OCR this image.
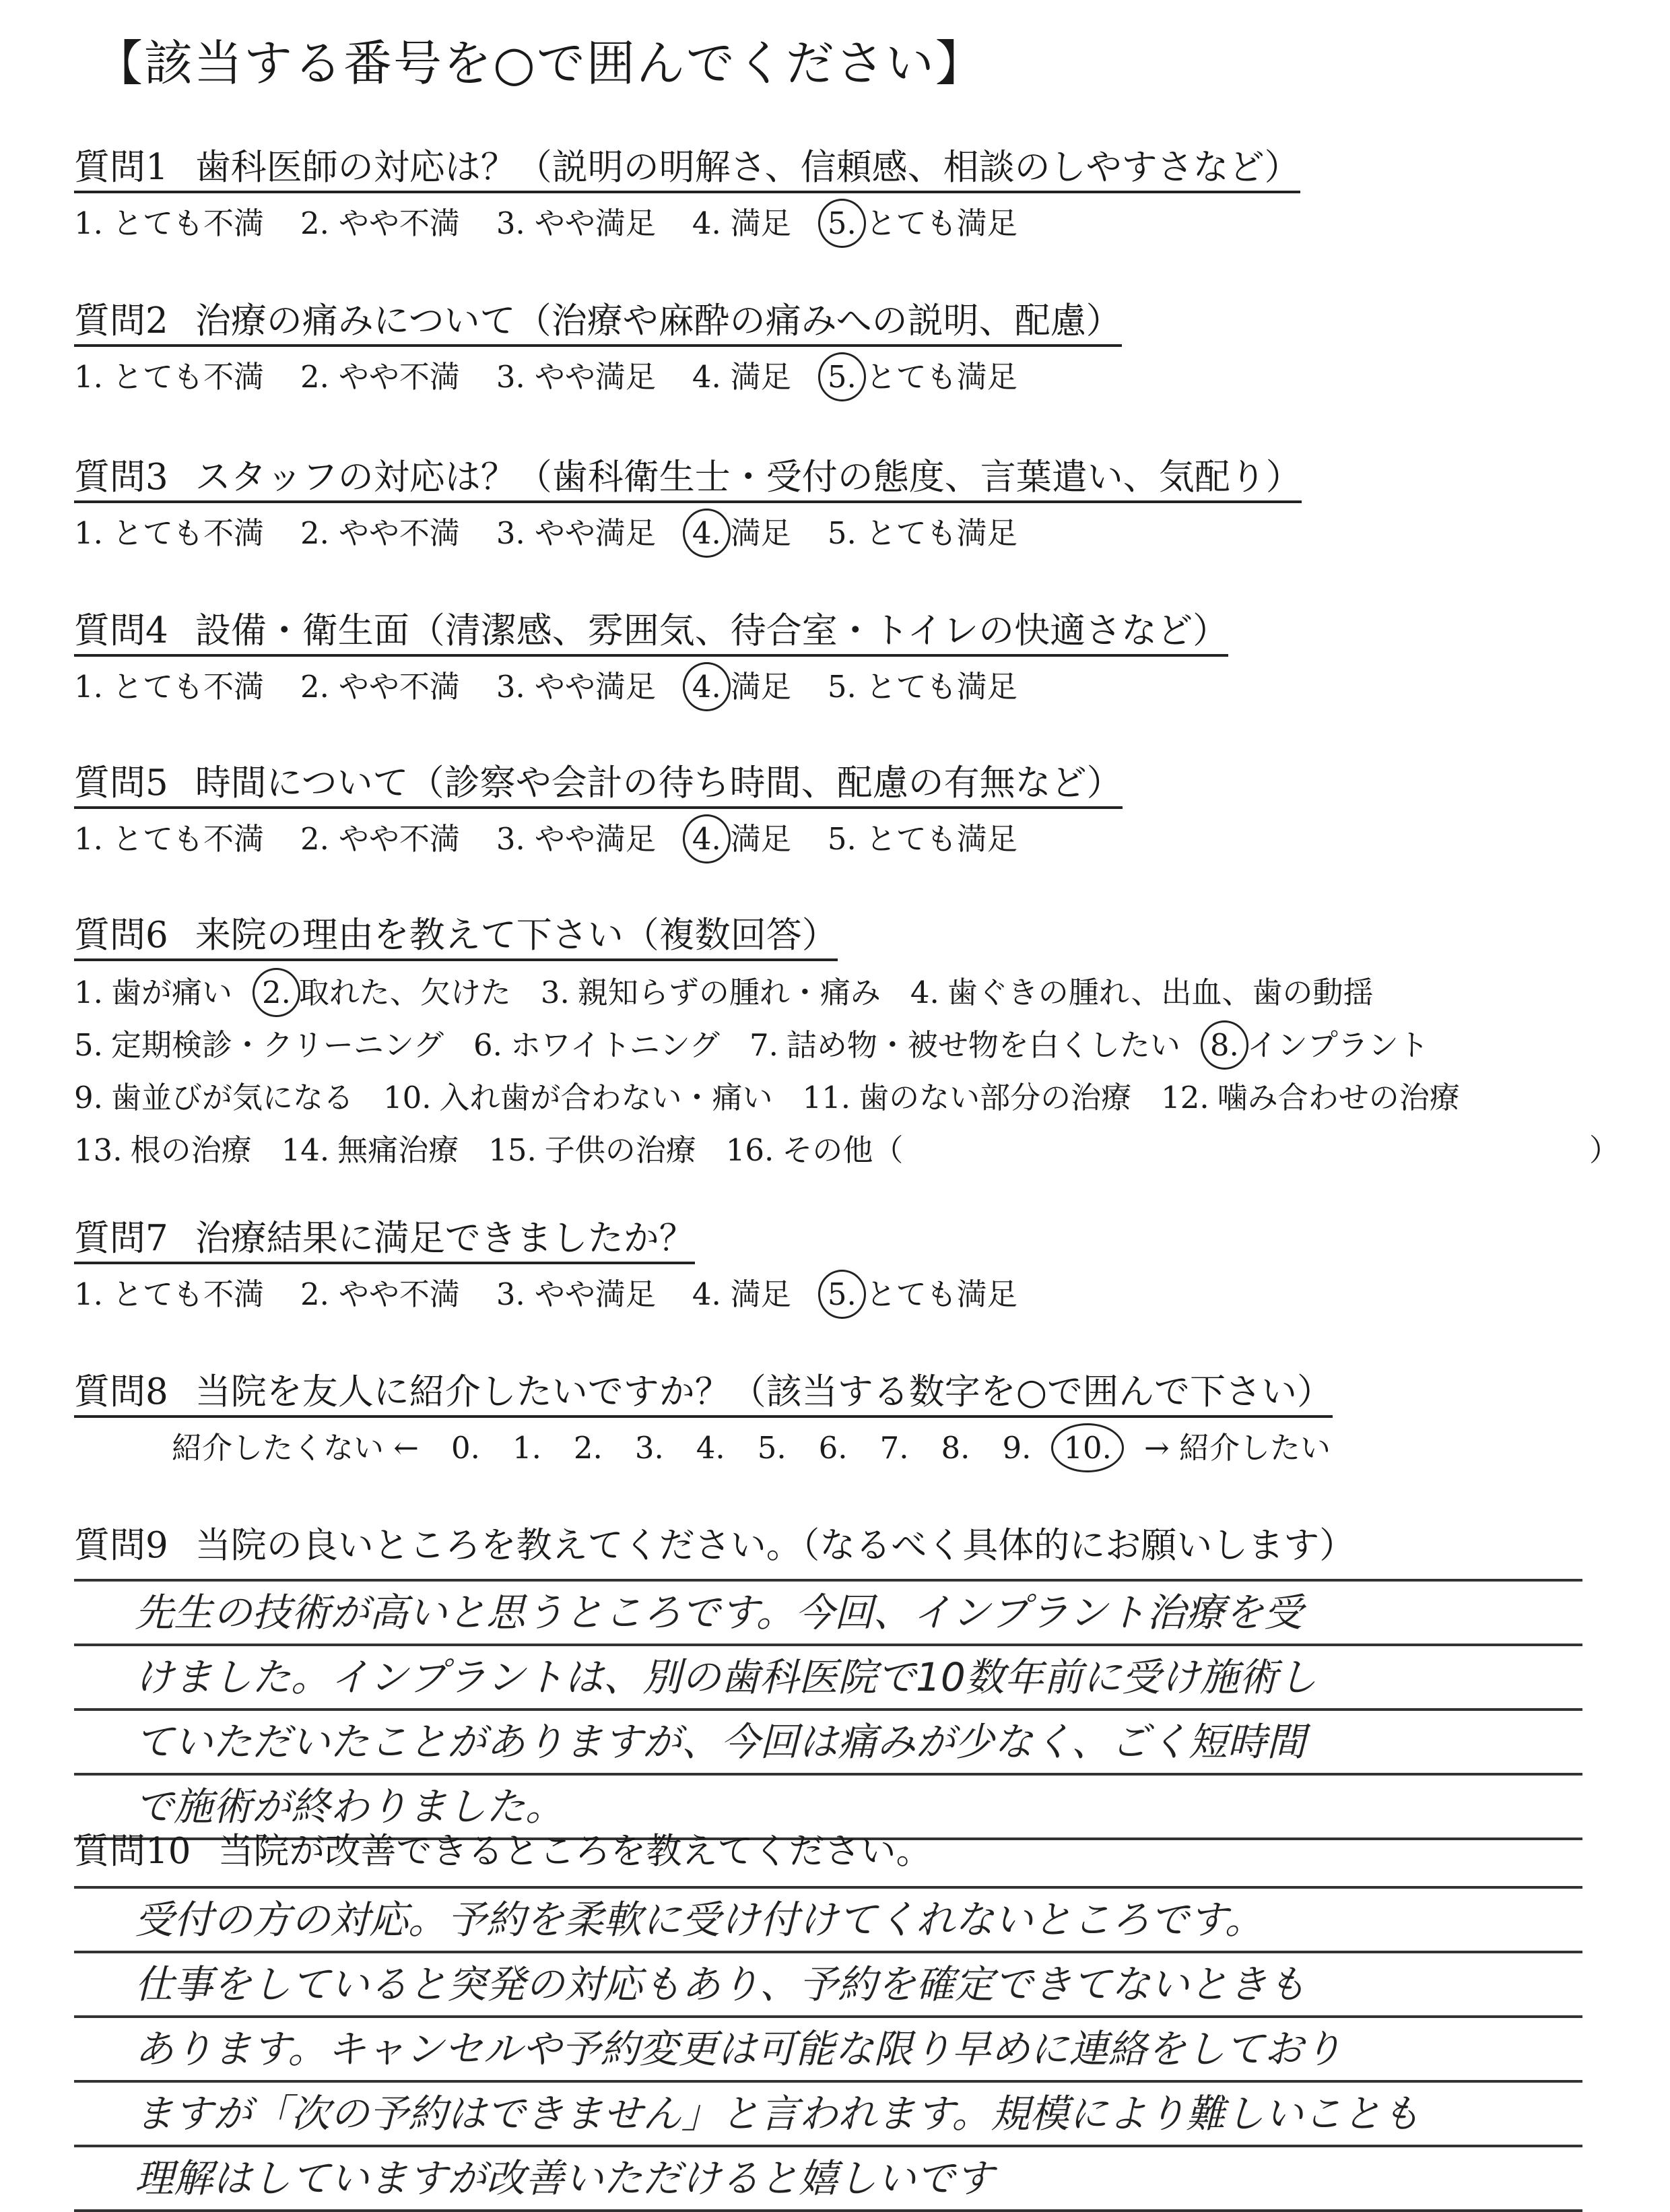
【該当する番号を○で囲んでください】
質問1 歯科医師の対応は？（説明の明解さ、信頼感、相談のしやすさなど）
1. とても不満 2. やや不満 3. やや満足 4. 満足 5. とても満足
質問2 治療の痛みについて（治療や麻酔の痛みへの説明、配慮）
1. とても不満 2. やや不満 3. やや満足 4. 満足 5. とても満足
質問3 スタッフの対応は？（歯科衛生士・受付の態度、言葉遣い、気配り）
1. とても不満 2. やや不満 3. やや満足 4. 満足 5. とても満足
質問4 設備・衛生面（清潔感、雰囲気、待合室・トイレの快適さなど）
1. とても不満 2. やや不満 3. やや満足 4. 満足 5. とても満足
質問5 時間について（診察や会計の待ち時間、配慮の有無など）
1. とても不満 2. やや不満 3. やや満足 4. 満足 5. とても満足
質問6 来院の理由を教えて下さい（複数回答）
1. 歯が痛い 2. 取れた、欠けた 3. 親知らずの腫れ・痛み 4. 歯ぐきの腫れ、出血、歯の動揺
5. 定期検診・クリーニング 6. ホワイトニング 7. 詰め物・被せ物を白くしたい 8. インプラント
9. 歯並びが気になる 10. 入れ歯が合わない・痛い 11. 歯のない部分の治療 12. 噛み合わせの治療
13. 根の治療 14. 無痛治療 15. 子供の治療 16. その他（	）
質問7 治療結果に満足できましたか？
1. とても不満 2. やや不満 3. やや満足 4. 満足 5. とても満足
質問8 当院を友人に紹介したいですか？（該当する数字を○で囲んで下さい）
紹介したくない ← 0. 1. 2. 3. 4. 5. 6. 7. 8. 9. 10. → 紹介したい
質問9 当院の良いところを教えてください。（なるべく具体的にお願いします）
先生の技術が高いと思うところです。今回、インプラント治療を受
けました。インプラントは、別の歯科医院で10数年前に受け施術し
ていただいたことがありますが、今回は痛みが少なく、ごく短時間
で施術が終わりました。
質問10 当院が改善できるところを教えてください。
受付の方の対応。予約を柔軟に受け付けてくれないところです。
仕事をしていると突発の対応もあり、予約を確定できてないときも
あります。キャンセルや予約変更は可能な限り早めに連絡をしており
ますが「次の予約はできません」と言われます。規模により難しいことも
理解はしていますが改善いただけると嬉しいです
